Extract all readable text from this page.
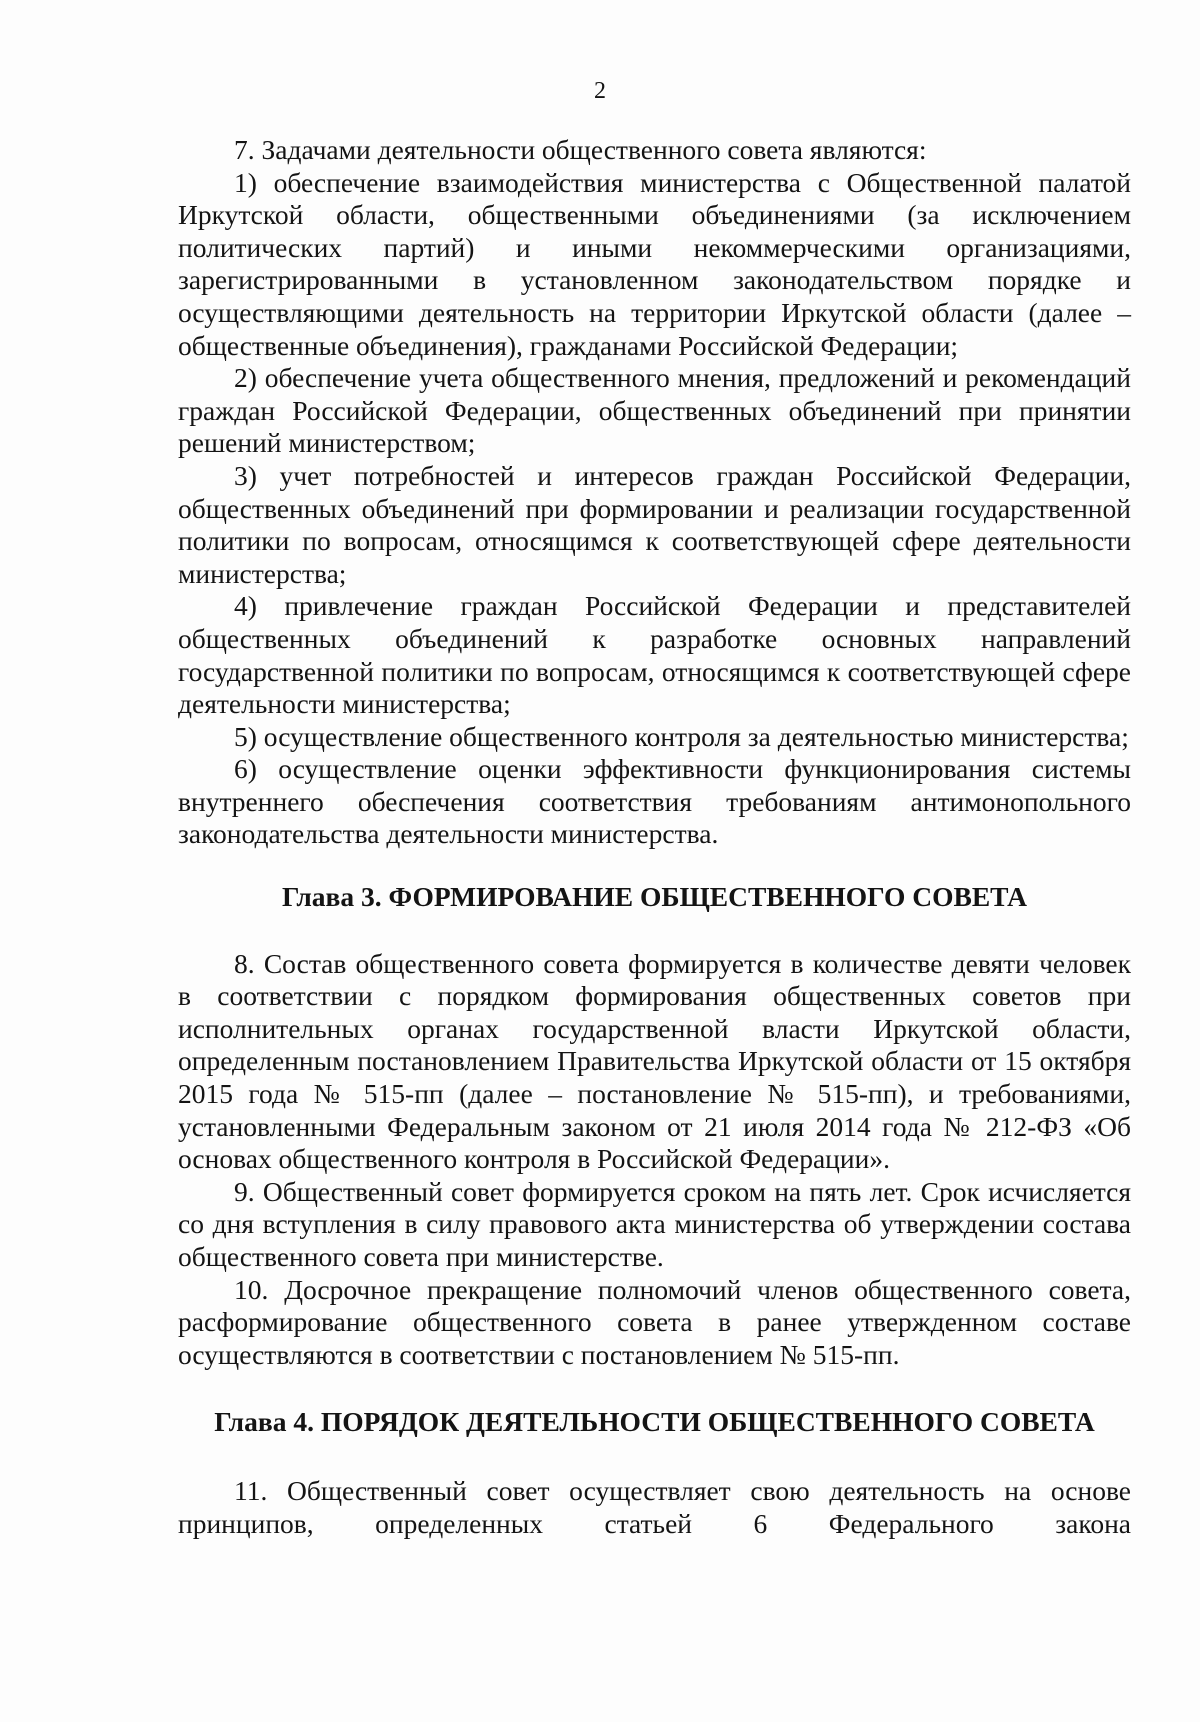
2

7. Задачами деятельности общественного совета являются:

1) обеспечение взаимодействия министерства с Общественной палатой Иркутской области, общественными объединениями (за исключением политических партий) и иными некоммерческими организациями, зарегистрированными в установленном законодательством порядке и осуществляющими деятельность на территории Иркутской области (далее – общественные объединения), гражданами Российской Федерации;

2) обеспечение учета общественного мнения, предложений и рекомендаций граждан Российской Федерации, общественных объединений при принятии решений министерством;

3) учет потребностей и интересов граждан Российской Федерации, общественных объединений при формировании и реализации государственной политики по вопросам, относящимся к соответствующей сфере деятельности министерства;

4) привлечение граждан Российской Федерации и представителей общественных объединений к разработке основных направлений государственной политики по вопросам, относящимся к соответствующей сфере деятельности министерства;

5) осуществление общественного контроля за деятельностью министерства;

6) осуществление оценки эффективности функционирования системы внутреннего обеспечения соответствия требованиям антимонопольного законодательства деятельности министерства.

Глава 3. ФОРМИРОВАНИЕ ОБЩЕСТВЕННОГО СОВЕТА

8. Состав общественного совета формируется в количестве девяти человек в соответствии с порядком формирования общественных советов при исполнительных органах государственной власти Иркутской области, определенным постановлением Правительства Иркутской области от 15 октября 2015 года № 515-пп (далее – постановление № 515-пп), и требованиями, установленными Федеральным законом от 21 июля 2014 года № 212-ФЗ «Об основах общественного контроля в Российской Федерации».

9. Общественный совет формируется сроком на пять лет. Срок исчисляется со дня вступления в силу правового акта министерства об утверждении состава общественного совета при министерстве.

10. Досрочное прекращение полномочий членов общественного совета, расформирование общественного совета в ранее утвержденном составе осуществляются в соответствии с постановлением № 515-пп.

Глава 4. ПОРЯДОК ДЕЯТЕЛЬНОСТИ ОБЩЕСТВЕННОГО СОВЕТА

11. Общественный совет осуществляет свою деятельность на основе принципов, определенных статьей 6 Федерального закона
